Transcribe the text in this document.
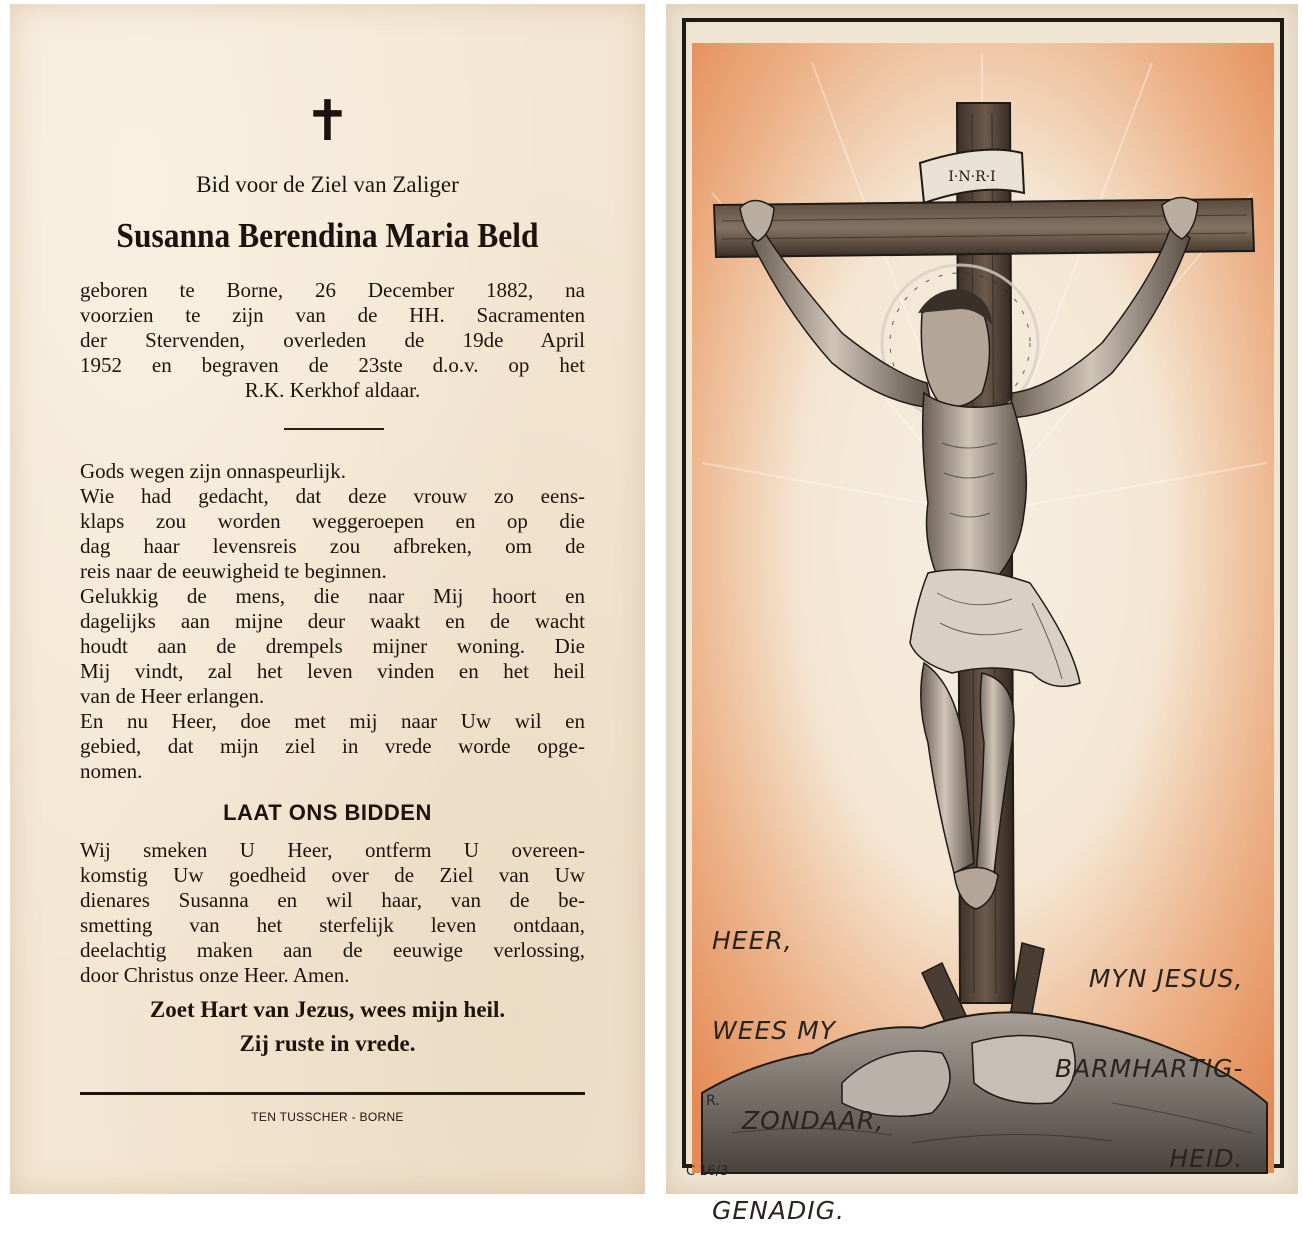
✝
Bid voor de Ziel van Zaliger
Susanna Berendina Maria Beld
geboren te Borne, 26 December 1882, na
voorzien te zijn van de HH. Sacramenten
der Stervenden, overleden de 19de April
1952 en begraven de 23ste d.o.v. op het
R.K. Kerkhof aldaar.
Gods wegen zijn onnaspeurlijk.
Wie had gedacht, dat deze vrouw zo eens-
klaps zou worden weggeroepen en op die
dag haar levensreis zou afbreken, om de
reis naar de eeuwigheid te beginnen.
Gelukkig de mens, die naar Mij hoort en
dagelijks aan mijne deur waakt en de wacht
houdt aan de drempels mijner woning. Die
Mij vindt, zal het leven vinden en het heil
van de Heer erlangen.
En nu Heer, doe met mij naar Uw wil en
gebied, dat mijn ziel in vrede worde opge-
nomen.
LAAT ONS BIDDEN
Wij smeken U Heer, ontferm U overeen-
komstig Uw goedheid over de Ziel van Uw
dienares Susanna en wil haar, van de be-
smetting van het sterfelijk leven ontdaan,
deelachtig maken aan de eeuwige verlossing,
door Christus onze Heer. Amen.
Zoet Hart van Jezus, wees mijn heil.
Zij ruste in vrede.
TEN TUSSCHER - BORNE
I·N·R·I

HEER,

WEES MY

ZONDAAR,

GENADIG.

MYN JESUS,

BARMHARTIG-

HEID.

R.
C 16/3
